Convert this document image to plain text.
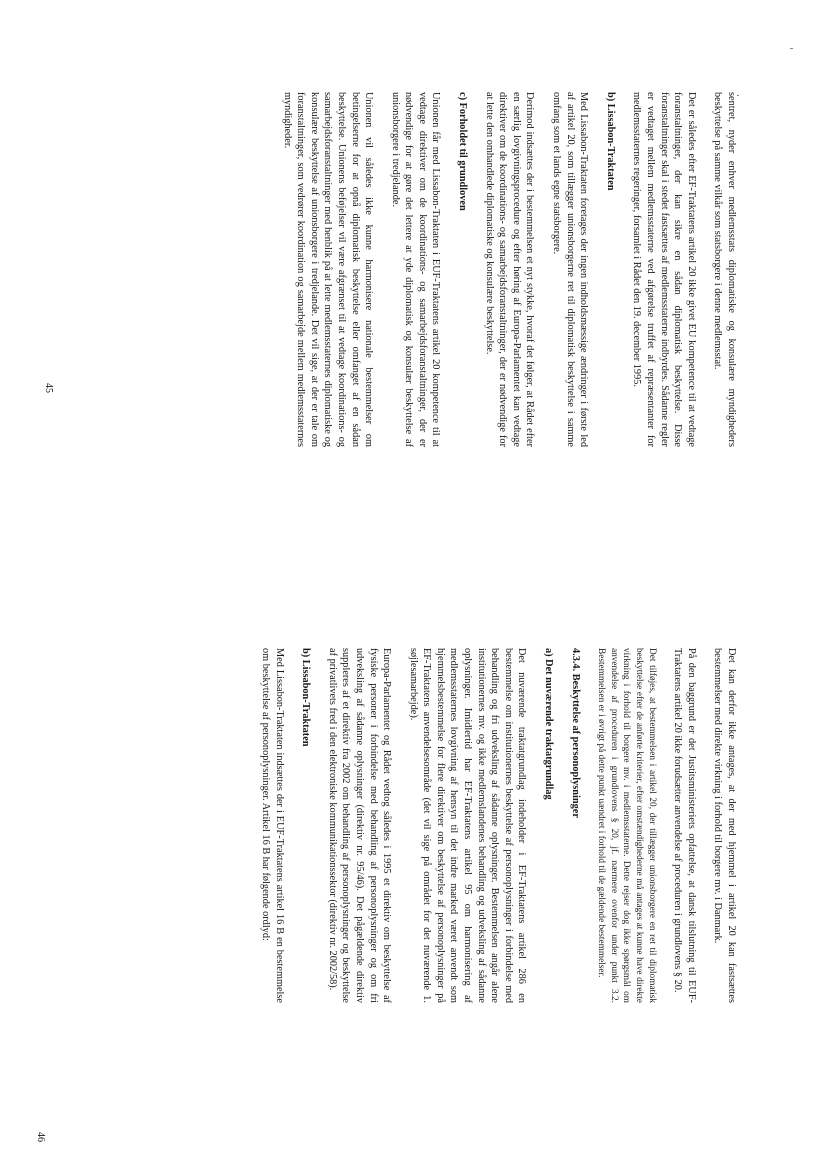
sentret, nyder enhver medlemsstats diplomatiske og konsulære myndigheders beskyttelse på samme vilkår som statsborgere i denne medlemsstat.

Det er således efter EF-Traktatens artikel 20 ikke givet EU kompetence til at vedtage foranstaltninger, der kan sikre en sådan diplomatisk beskyttelse. Disse foranstaltninger skal i stedet fastsættes af medlemsstaterne indbyrdes. Sådanne regler er vedtaget mellem medlemsstaterne ved afgørelse truffet af repræsentanter for medlemsstaternes regeringer, forsamlet i Rådet den 19. december 1995.

b) Lissabon-Traktaten

Med Lissabon-Traktaten foretages der ingen indholdsmæssige ændringer i første led af artikel 20, som tillægger unionsborgerne ret til diplomatisk beskyttelse i samme omfang som et lands egne statsborgere.

Derimod indsættes der i bestemmelsen et nyt stykke, hvoraf det følger, at Rådet efter en særlig lovgivningsprocedure og efter høring af Europa-Parlamentet kan vedtage direktiver om de koordinations- og samarbejdsforanstaltninger, der er nødvendige for at lette den omhandlede diplomatiske og konsulære beskyttelse.

c) Forholdet til grundloven

Unionen får med Lissabon-Traktaten i EUF-Traktatens artikel 20 kompetence til at vedtage direktiver om de koordinations- og samarbejdsforanstaltninger, der er nødvendige for at gøre det lettere at yde diplomatisk og konsulær beskyttelse af unionsborgere i tredjelande.

Unionen vil således ikke kunne harmonisere nationale bestemmelser om betingelserne for at opnå diplomatisk beskyttelse eller omfanget af en sådan beskyttelse. Unionens beføjelser vil være afgrænset til at vedtage koordinations- og samarbejdsforanstaltninger med henblik på at lette medlemsstaternes diplomatiske og konsulære beskyttelse af unionsborgere i tredjelande. Det vil sige, at der er tale om foranstaltninger, som vedrører koordination og samarbejde mellem medlemsstaternes myndigheder.

45

Det kan derfor ikke antages, at der med hjemmel i artikel 20 kan fastsættes bestemmelser med direkte virkning i forhold til borgere mv. i Danmark.

På den baggrund er det Justitsministeriets opfattelse, at dansk tilslutning til EUF-Traktatens artikel 20 ikke forudsætter anvendelse af proceduren i grundlovens § 20.

Det tilføjes, at bestemmelsen i artikel 20, der tillægger unionsborgere en ret til diplomatisk beskyttelse efter de anførte kriterier, efter omstændighederne må antages at kunne have direkte virkning i forhold til borgere mv. i medlemsstaterne. Dette rejser dog ikke spørgsmål om anvendelse af proceduren i grundlovens § 20, jf. nærmere ovenfor under punkt 3.2. Bestemmelsen er i øvrigt på dette punkt uændret i forhold til de gældende bestemmelser.

4.3.4. Beskyttelse af personoplysninger

a) Det nuværende traktatgrundlag

Det nuværende traktatgrundlag indeholder i EF-Traktatens artikel 286 en bestemmelse om institutionernes beskyttelse af personoplysninger i forbindelse med behandling og fri udveksling af sådanne oplysninger. Bestemmelsen angår alene institutionernes mv. og ikke medlemslandenes behandling og udveksling af sådanne oplysninger. Imidlertid har EF-Traktatens artikel 95 om harmonisering af medlemsstaternes lovgivning af hensyn til det indre marked været anvendt som hjemmelsbestemmelse for flere direktiver om beskyttelse af personoplysninger på EF-Traktatens anvendelsesområde (det vil sige på området for det nuværende 1. søjlesamarbejde).

Europa-Parlamentet og Rådet vedtog således i 1995 et direktiv om beskyttelse af fysiske personer i forbindelse med behandling af personoplysninger og om fri udveksling af sådanne oplysninger (direktiv nr. 95/46). Det pågældende direktiv suppleres af et direktiv fra 2002 om behandling af personoplysninger og beskyttelse af privatlivets fred i den elektroniske kommunikationssektor (direktiv nr. 2002/58).

b) Lissabon-Traktaten

Med Lissabon-Traktaten indsættes der i EUF-Traktatens artikel 16 B en bestemmelse om beskyttelse af personoplysninger. Artikel 16 B har følgende ordlyd:

46
